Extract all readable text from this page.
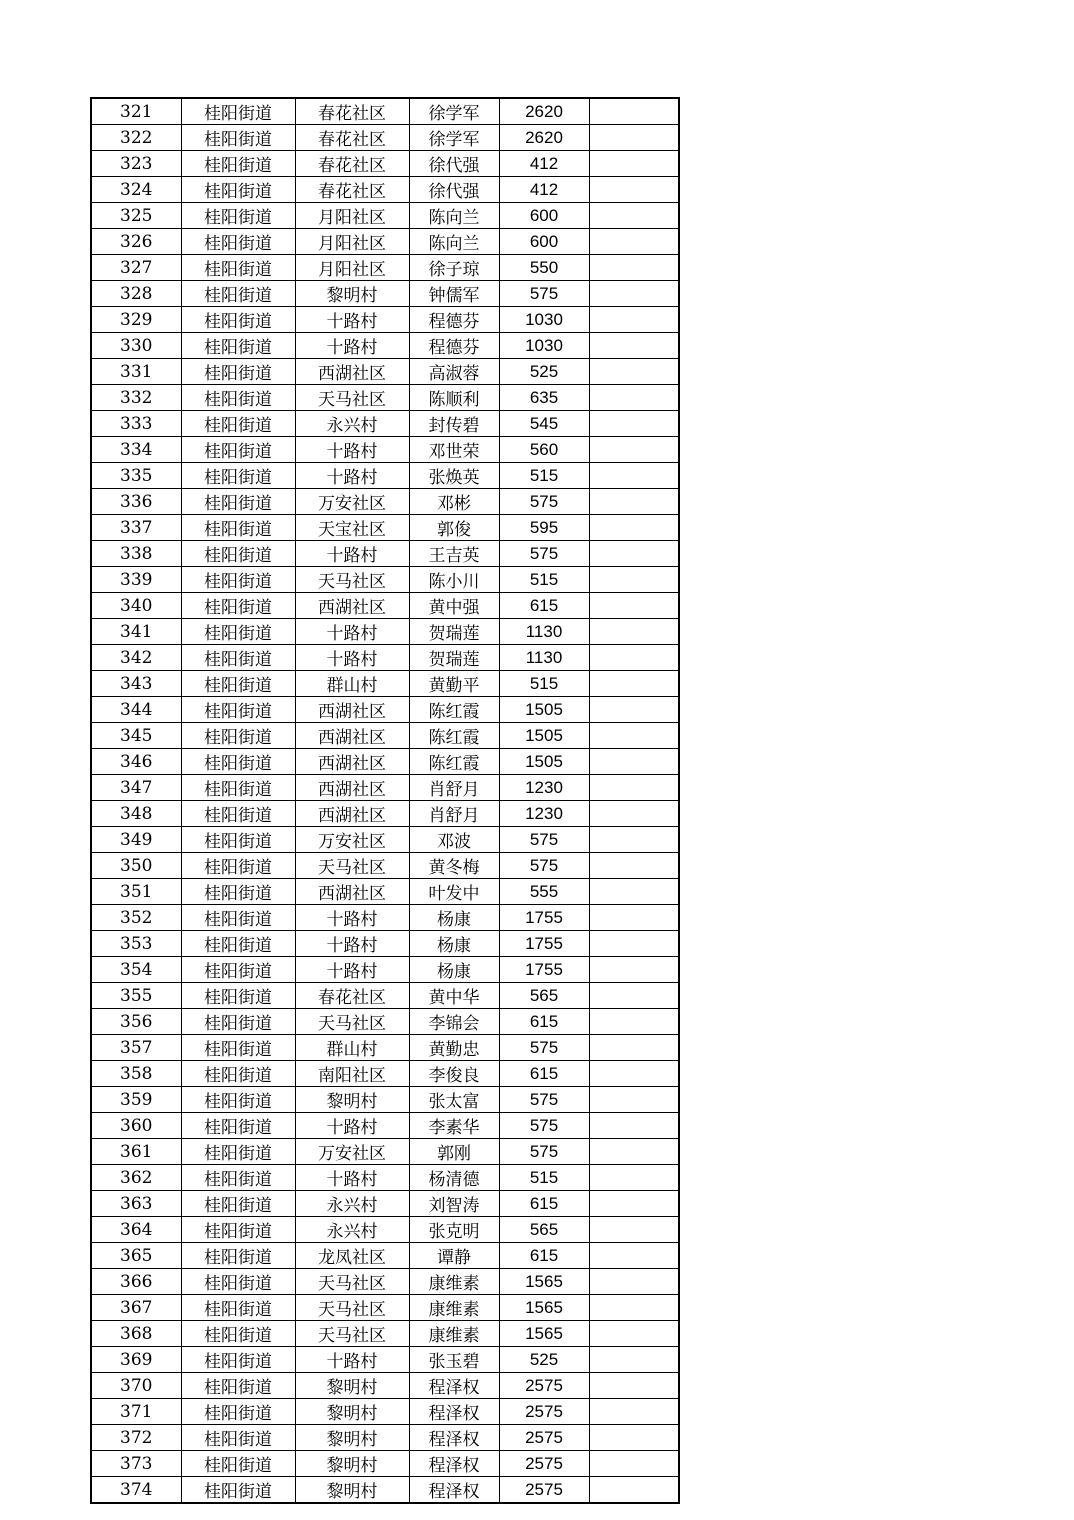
321	桂阳街道	春花社区	徐学军	2620	
322	桂阳街道	春花社区	徐学军	2620	
323	桂阳街道	春花社区	徐代强	412	
324	桂阳街道	春花社区	徐代强	412	
325	桂阳街道	月阳社区	陈向兰	600	
326	桂阳街道	月阳社区	陈向兰	600	
327	桂阳街道	月阳社区	徐子琼	550	
328	桂阳街道	黎明村	钟儒军	575	
329	桂阳街道	十路村	程德芬	1030	
330	桂阳街道	十路村	程德芬	1030	
331	桂阳街道	西湖社区	高淑蓉	525	
332	桂阳街道	天马社区	陈顺利	635	
333	桂阳街道	永兴村	封传碧	545	
334	桂阳街道	十路村	邓世荣	560	
335	桂阳街道	十路村	张焕英	515	
336	桂阳街道	万安社区	邓彬	575	
337	桂阳街道	天宝社区	郭俊	595	
338	桂阳街道	十路村	王吉英	575	
339	桂阳街道	天马社区	陈小川	515	
340	桂阳街道	西湖社区	黄中强	615	
341	桂阳街道	十路村	贺瑞莲	1130	
342	桂阳街道	十路村	贺瑞莲	1130	
343	桂阳街道	群山村	黄勤平	515	
344	桂阳街道	西湖社区	陈红霞	1505	
345	桂阳街道	西湖社区	陈红霞	1505	
346	桂阳街道	西湖社区	陈红霞	1505	
347	桂阳街道	西湖社区	肖舒月	1230	
348	桂阳街道	西湖社区	肖舒月	1230	
349	桂阳街道	万安社区	邓波	575	
350	桂阳街道	天马社区	黄冬梅	575	
351	桂阳街道	西湖社区	叶发中	555	
352	桂阳街道	十路村	杨康	1755	
353	桂阳街道	十路村	杨康	1755	
354	桂阳街道	十路村	杨康	1755	
355	桂阳街道	春花社区	黄中华	565	
356	桂阳街道	天马社区	李锦会	615	
357	桂阳街道	群山村	黄勤忠	575	
358	桂阳街道	南阳社区	李俊良	615	
359	桂阳街道	黎明村	张太富	575	
360	桂阳街道	十路村	李素华	575	
361	桂阳街道	万安社区	郭刚	575	
362	桂阳街道	十路村	杨清德	515	
363	桂阳街道	永兴村	刘智涛	615	
364	桂阳街道	永兴村	张克明	565	
365	桂阳街道	龙凤社区	谭静	615	
366	桂阳街道	天马社区	康维素	1565	
367	桂阳街道	天马社区	康维素	1565	
368	桂阳街道	天马社区	康维素	1565	
369	桂阳街道	十路村	张玉碧	525	
370	桂阳街道	黎明村	程泽权	2575	
371	桂阳街道	黎明村	程泽权	2575	
372	桂阳街道	黎明村	程泽权	2575	
373	桂阳街道	黎明村	程泽权	2575	
374	桂阳街道	黎明村	程泽权	2575	
